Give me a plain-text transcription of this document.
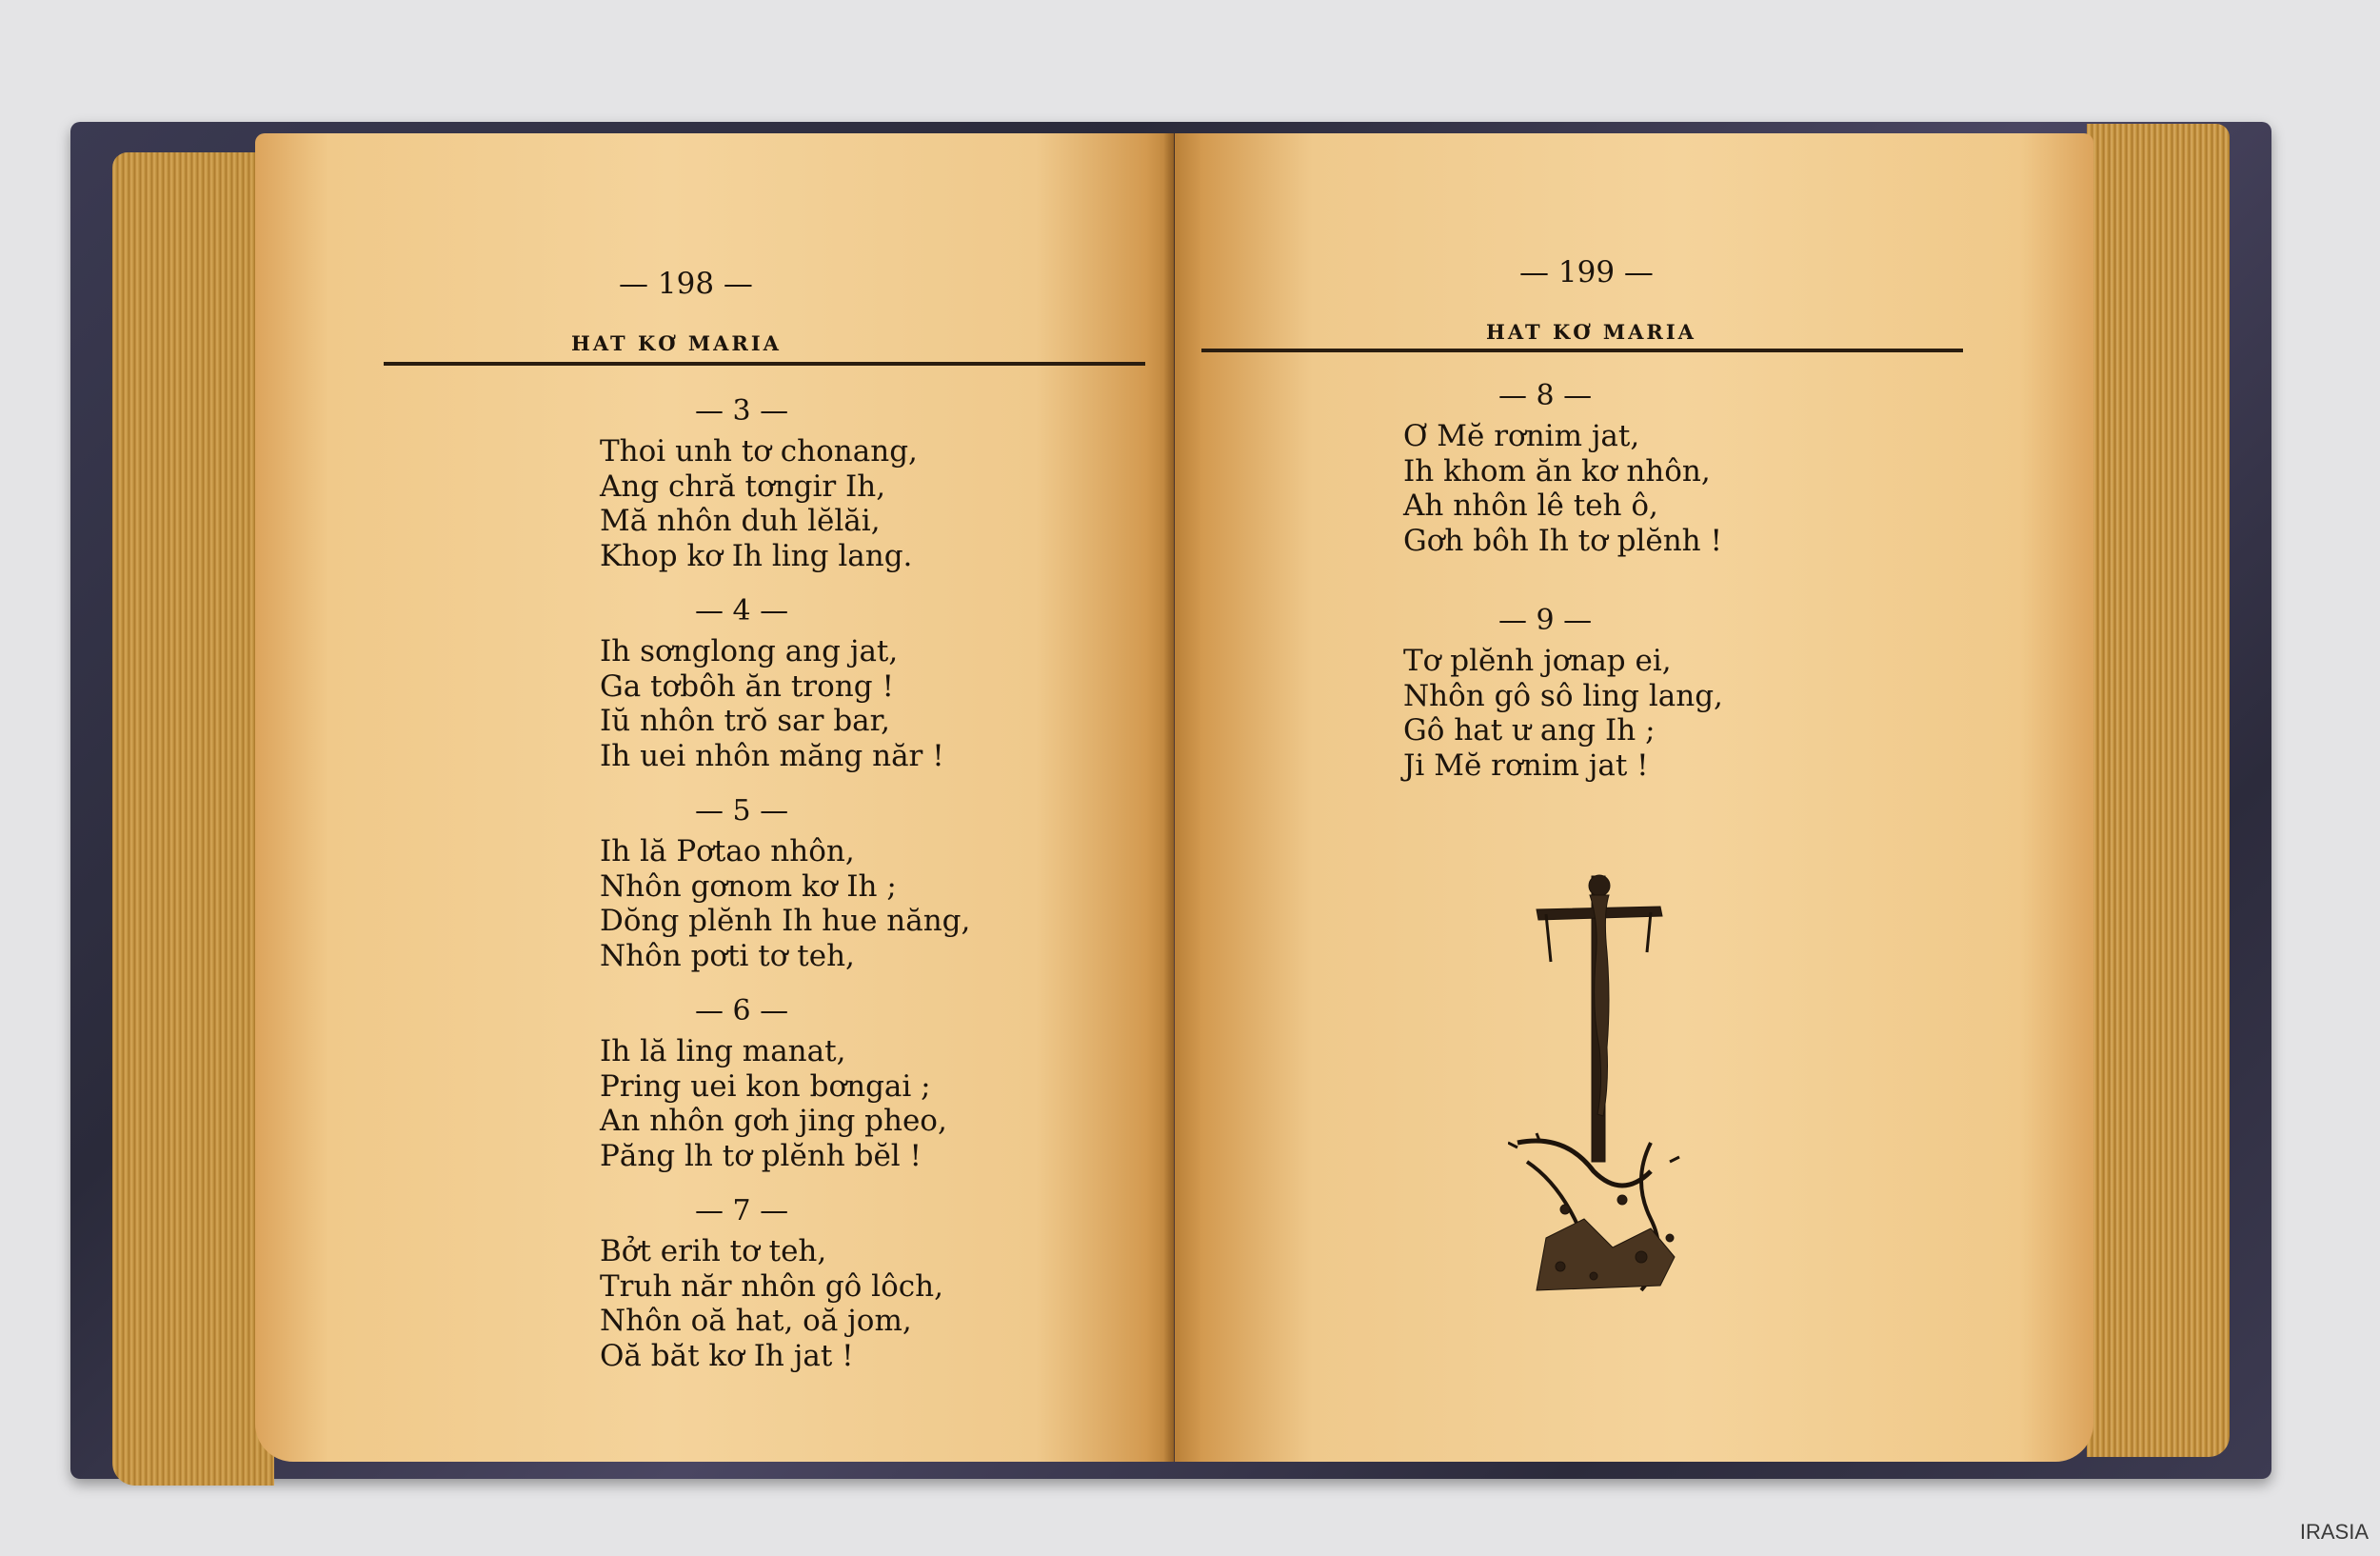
— 198 —
HAT KƠ MARIA
— 3 —
Thoi unh tơ chonang,
Ang chră tơngir Ih,
Mă nhôn duh lĕlăi,
Khop kơ Ih ling lang.
— 4 —
Ih sơnglong ang jat,
Ga tơbôh ăn trong !
Iŭ nhôn trŏ sar bar,
Ih uei nhôn măng năr !
— 5 —
Ih lă Pơtao nhôn,
Nhôn gơnom kơ Ih ;
Dŏng plĕnh Ih hue năng,
Nhôn pơti tơ teh,
— 6 —
Ih lă ling manat,
Pring uei kon bơngai ;
An nhôn gơh jing pheo,
Păng lh tơ plĕnh bĕl !
— 7 —
Bởt erih tơ teh,
Truh năr nhôn gô lôch,
Nhôn oă hat, oă jom,
Oă băt kơ Ih jat !
— 199 —
HAT KƠ MARIA
— 8 —
Ơ Mĕ rơnim jat,
Ih khom ăn kơ nhôn,
Ah nhôn lê teh ô,
Gơh bôh Ih tơ plĕnh !
— 9 —
Tơ plĕnh jơnap ei,
Nhôn gô sô ling lang,
Gô hat ư ang Ih ;
Ji Mĕ rơnim jat !
IRASIA
